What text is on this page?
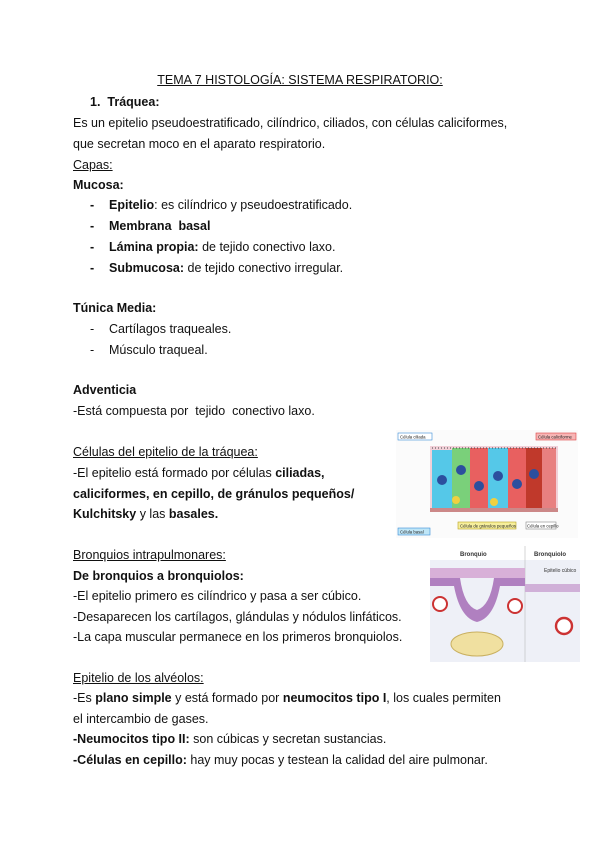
TEMA 7 HISTOLOGÍA: SISTEMA RESPIRATORIO:
1. Tráquea:
Es un epitelio pseudoestratificado, cilíndrico, ciliados, con células caliciformes,
que secretan moco en el aparato respiratorio.
Capas:
Mucosa:
- Epitelio: es cilíndrico y pseudoestratificado.
- Membrana  basal
- Lámina propia: de tejido conectivo laxo.
- Submucosa: de tejido conectivo irregular.
Túnica Media:
- Cartílagos traqueales.
- Músculo traqueal.
Adventicia
-Está compuesta por  tejido  conectivo laxo.
Células del epitelio de la tráquea:
-El epitelio está formado por células ciliadas,
caliciformes, en cepillo, de gránulos pequeños/
Kulchitsky y las basales.
Bronquios intrapulmonares:
De bronquios a bronquiolos:
-El epitelio primero es cilíndrico y pasa a ser cúbico.
-Desaparecen los cartílagos, glándulas y nódulos linfáticos.
-La capa muscular permanece en los primeros bronquiolos.
Epitelio de los alvéolos:
-Es plano simple y está formado por neumocitos tipo I, los cuales permiten
el intercambio de gases.
-Neumocitos tipo II: son cúbicas y secretan sustancias.
-Células en cepillo: hay muy pocas y testean la calidad del aire pulmonar.
Célula ciliada	Célula caliciforme
Célula basal
Célula de gránulos pequeños	Célula en cepillo
Bronquio	Bronquiolo
Epitelio cúbico
